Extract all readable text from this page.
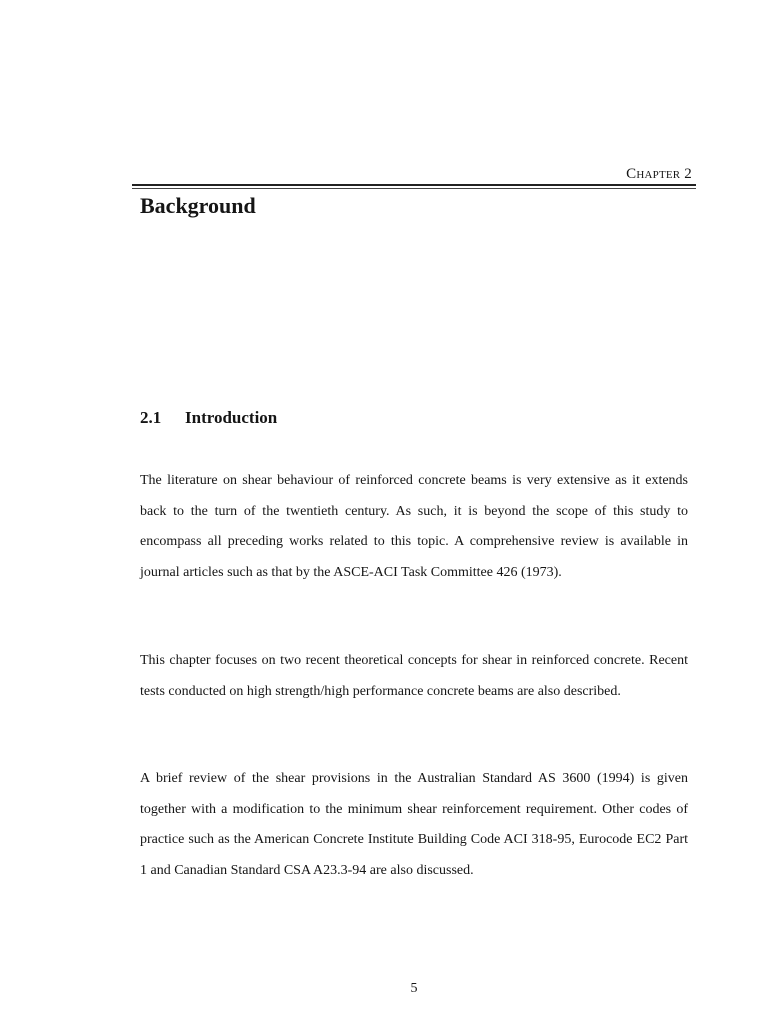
Chapter 2
Background
2.1	Introduction

The literature on shear behaviour of reinforced concrete beams is very extensive as it extends back to the turn of the twentieth century. As such, it is beyond the scope of this study to encompass all preceding works related to this topic. A comprehensive review is available in journal articles such as that by the ASCE-ACI Task Committee 426 (1973).

This chapter focuses on two recent theoretical concepts for shear in reinforced concrete. Recent tests conducted on high strength/high performance concrete beams are also described.

A brief review of the shear provisions in the Australian Standard AS 3600 (1994) is given together with a modification to the minimum shear reinforcement requirement. Other codes of practice such as the American Concrete Institute Building Code ACI 318-95, Eurocode EC2 Part 1 and Canadian Standard CSA A23.3-94 are also discussed.

5
